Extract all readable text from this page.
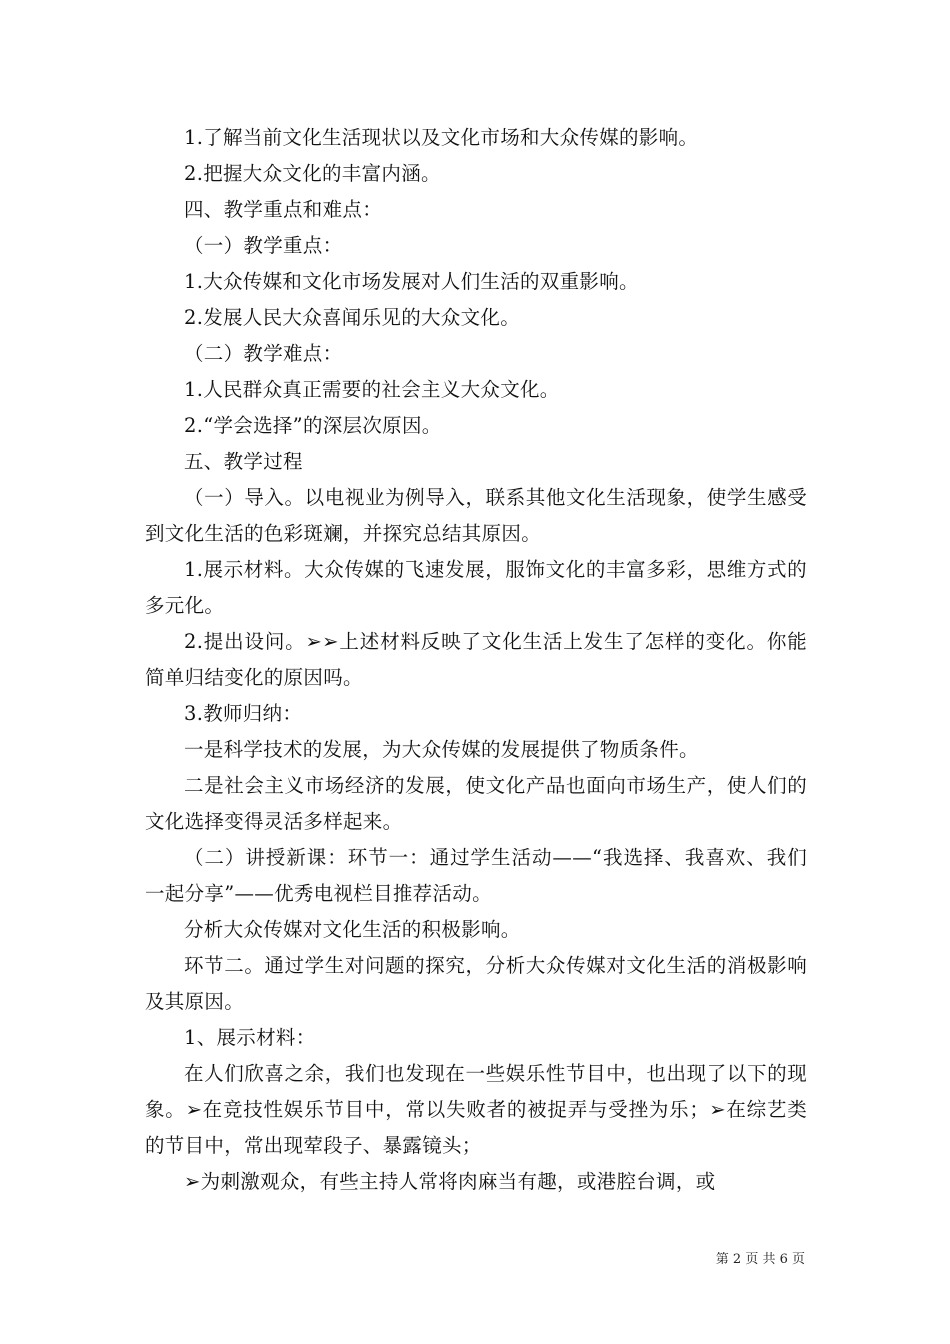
1.了解当前文化生活现状以及文化市场和大众传媒的影响。

2.把握大众文化的丰富内涵。

四、教学重点和难点：

（一）教学重点：

1.大众传媒和文化市场发展对人们生活的双重影响。

2.发展人民大众喜闻乐见的大众文化。

（二）教学难点：

1.人民群众真正需要的社会主义大众文化。

2.“学会选择”的深层次原因。

五、教学过程

（一）导入。以电视业为例导入，联系其他文化生活现象，使学生感受到文化生活的色彩斑斓，并探究总结其原因。

1.展示材料。大众传媒的飞速发展，服饰文化的丰富多彩，思维方式的多元化。

2.提出设问。➢➢上述材料反映了文化生活上发生了怎样的变化。你能简单归结变化的原因吗。

3.教师归纳：

一是科学技术的发展，为大众传媒的发展提供了物质条件。

二是社会主义市场经济的发展，使文化产品也面向市场生产，使人们的文化选择变得灵活多样起来。

（二）讲授新课：环节一：通过学生活动——“我选择、我喜欢、我们一起分享”——优秀电视栏目推荐活动。

分析大众传媒对文化生活的积极影响。

环节二。通过学生对问题的探究，分析大众传媒对文化生活的消极影响及其原因。

1、展示材料：

在人们欣喜之余，我们也发现在一些娱乐性节目中，也出现了以下的现象。➢在竞技性娱乐节目中，常以失败者的被捉弄与受挫为乐；➢在综艺类的节目中，常出现荤段子、暴露镜头；

➢为刺激观众，有些主持人常将肉麻当有趣，或港腔台调，或

第 2 页 共 6 页
